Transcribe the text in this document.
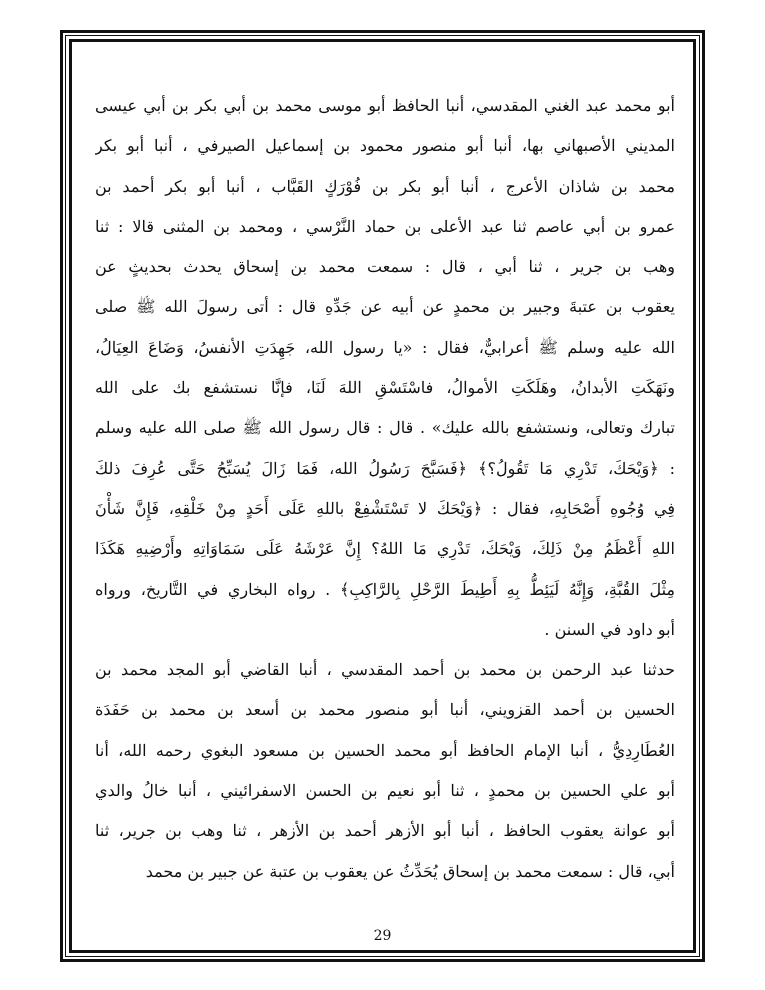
أبو محمد عبد الغني المقدسي، أنبا الحافظ أبو موسى محمد بن أبي بكر بن أبي عيسى
المديني الأصبهاني بها، أنبا أبو منصور محمود بن إسماعيل الصيرفي ، أنبا أبو بكر
محمد بن شاذان الأعرج ، أنبا أبو بكر بن فُوْرَكٍ القَبَّاب ، أنبا أبو بكر أحمد بن
عمرو بن أبي عاصم ثنا عبد الأعلى بن حماد النَّرْسي ، ومحمد بن المثنى قالا : ثنا
وهب بن جرير ، ثنا أبي ، قال : سمعت محمد بن إسحاق يحدث بحديثٍ عن
يعقوب بن عتبةَ وجبير بن محمدٍ عن أبيه عن جَدِّهِ قال : أتى رسولَ الله ﷺ صلى
الله عليه وسلم ﷺ أعرابيٌّ، فقال : «يا رسول الله، جَهِدَتِ الأنفسُ، وَضَاعَ العِيَالُ،
ونَهَكَتِ الأبدانُ، وهَلَكَتِ الأموالُ، فاسْتَسْقِ اللهَ لَنَا، فإنَّا نستشفع بك على الله
تبارك وتعالى، ونستشفع بالله عليك» . قال : قال رسول الله ﷺ صلى الله عليه وسلم
: ﴿وَيْحَكَ، تَدْرِي مَا تَقُولُ؟﴾ ﴿فَسَبَّحَ رَسُولُ الله، فَمَا زَالَ يُسَبِّحُ حَتَّى عُرِفَ ذلكَ
فِي وُجُوهِ أَصْحَابِهِ، فقال : ﴿وَيْحَكَ لا تَسْتَشْفِعْ باللهِ عَلَى أَحَدٍ مِنْ خَلْقِهِ، فَإِنَّ شَأْنَ
اللهِ أَعْظَمُ مِنْ ذَلِكَ، وَيْحَكَ، تَدْرِي مَا اللهُ؟ إِنَّ عَرْشَهُ عَلَى سَمَاوَاتِهِ وأَرْضِيهِ هَكَذَا
مِثْلَ القُبَّةِ، وَإِنَّهُ لَيَئِطُّ بِهِ أَطِيطَ الرَّحْلِ بِالرَّاكِبِ﴾ . رواه البخاري في التَّاريخ، ورواه
أبو داود في السنن .
حدثنا عبد الرحمن بن محمد بن أحمد المقدسي ، أنبا القاضي أبو المجد محمد بن
الحسين بن أحمد القزويني، أنبا أبو منصور محمد بن أسعد بن محمد بن حَفَدَة
العُطَارِدِيُّ ، أنبا الإمام الحافظ أبو محمد الحسين بن مسعود البغوي رحمه الله، أنا
أبو علي الحسين بن محمدٍ ، ثنا أبو نعيم بن الحسن الاسفرائيني ، أنبا خالُ والدي
أبو عوانة يعقوب الحافظ ، أنبا أبو الأزهر أحمد بن الأزهر ، ثنا وهب بن جرير، ثنا
أبي، قال : سمعت محمد بن إسحاق يُحَدِّثُ عن يعقوب بن عتبة عن جبير بن محمد
29
